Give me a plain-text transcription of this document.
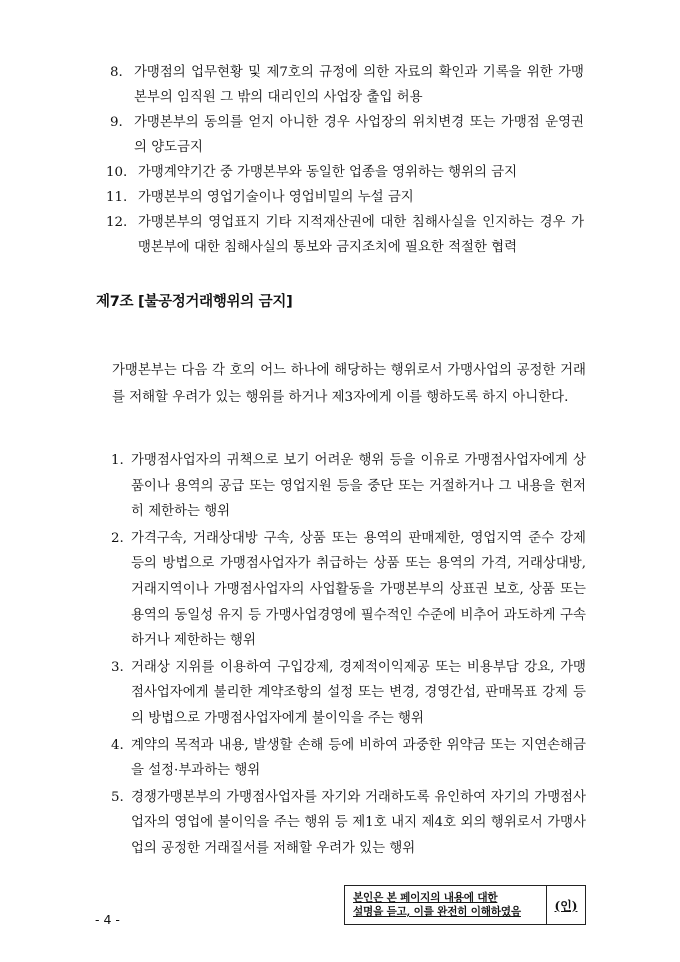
8. 가맹점의 업무현황 및 제7호의 규정에 의한 자료의 확인과 기록을 위한 가맹본부의 임직원 그 밖의 대리인의 사업장 출입 허용
9. 가맹본부의 동의를 얻지 아니한 경우 사업장의 위치변경 또는 가맹점 운영권의 양도금지
10. 가맹계약기간 중 가맹본부와 동일한 업종을 영위하는 행위의 금지
11. 가맹본부의 영업기술이나 영업비밀의 누설 금지
12. 가맹본부의 영업표지 기타 지적재산권에 대한 침해사실을 인지하는 경우 가맹본부에 대한 침해사실의 통보와 금지조치에 필요한 적절한 협력
제7조 [불공정거래행위의 금지]

가맹본부는 다음 각 호의 어느 하나에 해당하는 행위로서 가맹사업의 공정한 거래를 저해할 우려가 있는 행위를 하거나 제3자에게 이를 행하도록 하지 아니한다.

1. 가맹점사업자의 귀책으로 보기 어려운 행위 등을 이유로 가맹점사업자에게 상품이나 용역의 공급 또는 영업지원 등을 중단 또는 거절하거나 그 내용을 현저히 제한하는 행위
2. 가격구속, 거래상대방 구속, 상품 또는 용역의 판매제한, 영업지역 준수 강제 등의 방법으로 가맹점사업자가 취급하는 상품 또는 용역의 가격, 거래상대방, 거래지역이나 가맹점사업자의 사업활동을 가맹본부의 상표권 보호, 상품 또는 용역의 동일성 유지 등 가맹사업경영에 필수적인 수준에 비추어 과도하게 구속하거나 제한하는 행위
3. 거래상 지위를 이용하여 구입강제, 경제적이익제공 또는 비용부담 강요, 가맹점사업자에게 불리한 계약조항의 설정 또는 변경, 경영간섭, 판매목표 강제 등의 방법으로 가맹점사업자에게 불이익을 주는 행위
4. 계약의 목적과 내용, 발생할 손해 등에 비하여 과중한 위약금 또는 지연손해금을 설정·부과하는 행위
5. 경쟁가맹본부의 가맹점사업자를 자기와 거래하도록 유인하여 자기의 가맹점사업자의 영업에 불이익을 주는 행위 등 제1호 내지 제4호 외의 행위로서 가맹사업의 공정한 거래질서를 저해할 우려가 있는 행위
- 4 -
본인은 본 페이지의 내용에 대한
설명을 듣고, 이를 완전히 이해하였음	(인)
